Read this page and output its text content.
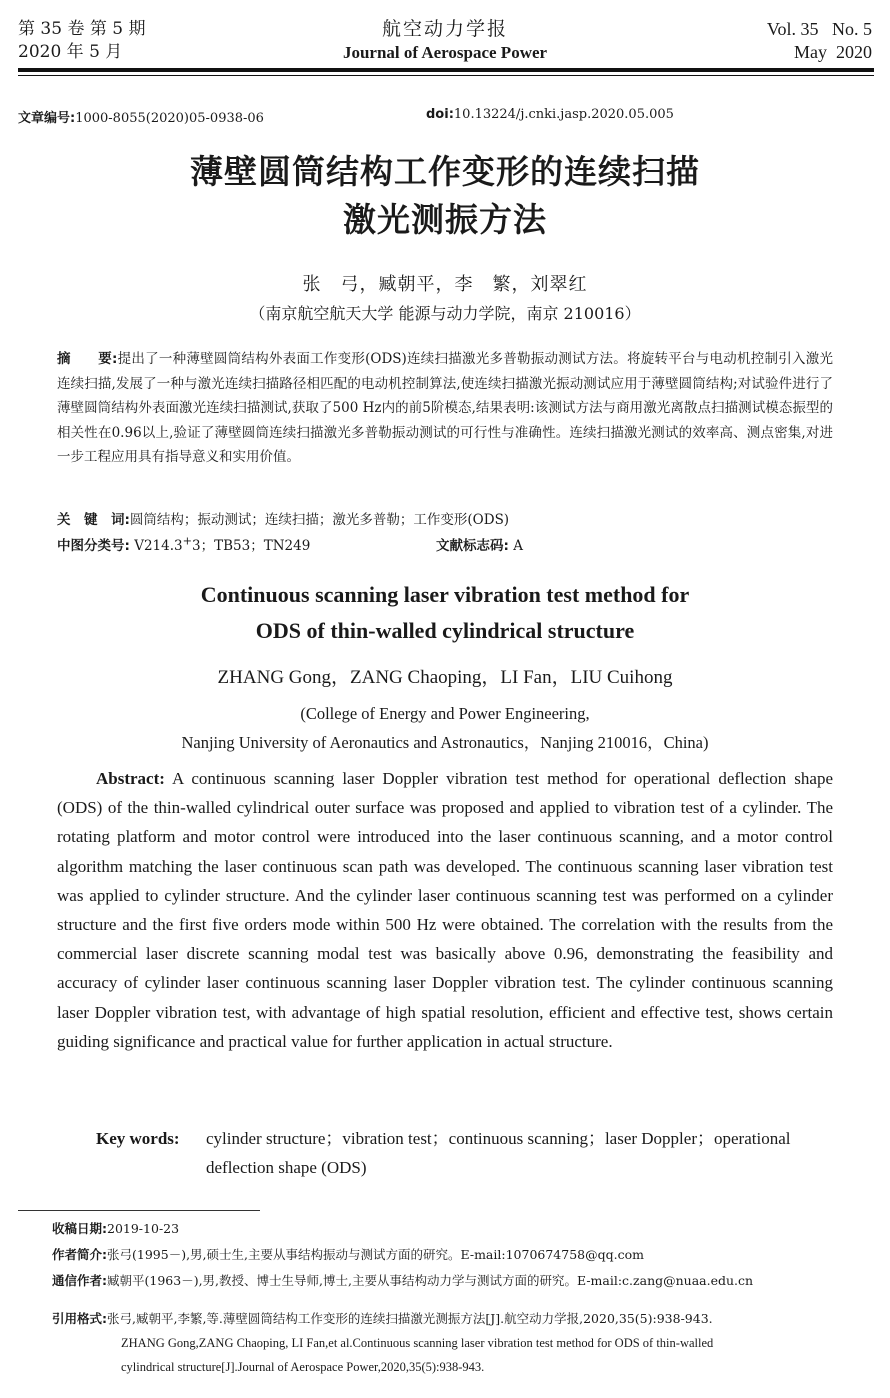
第 35 卷 第 5 期
2020 年 5 月
航空动力学报
Journal of Aerospace Power
Vol. 35   No. 5
May  2020
文章编号:1000-8055(2020)05-0938-06	doi:10.13224/j.cnki.jasp.2020.05.005
薄壁圆筒结构工作变形的连续扫描
激光测振方法
张　弓，臧朝平，李　繁，刘翠红
（南京航空航天大学 能源与动力学院，南京 210016）
摘　　要:提出了一种薄壁圆筒结构外表面工作变形(ODS)连续扫描激光多普勒振动测试方法。将旋转平台与电动机控制引入激光连续扫描,发展了一种与激光连续扫描路径相匹配的电动机控制算法,使连续扫描激光振动测试应用于薄壁圆筒结构;对试验件进行了薄壁圆筒结构外表面激光连续扫描测试,获取了500 Hz内的前5阶模态,结果表明:该测试方法与商用激光离散点扫描测试模态振型的相关性在0.96以上,验证了薄壁圆筒连续扫描激光多普勒振动测试的可行性与准确性。连续扫描激光测试的效率高、测点密集,对进一步工程应用具有指导意义和实用价值。
关　键　词:圆筒结构；振动测试；连续扫描；激光多普勒；工作变形(ODS)
中图分类号: V214.3+3；TB53；TN249	文献标志码: A
Continuous scanning laser vibration test method for
ODS of thin-walled cylindrical structure
ZHANG Gong，ZANG Chaoping，LI Fan，LIU Cuihong
(College of Energy and Power Engineering,
Nanjing University of Aeronautics and Astronautics，Nanjing 210016，China)
Abstract: A continuous scanning laser Doppler vibration test method for operational deflection shape (ODS) of the thin-walled cylindrical outer surface was proposed and applied to vibration test of a cylinder. The rotating platform and motor control were introduced into the laser continuous scanning, and a motor control algorithm matching the laser continuous scan path was developed. The continuous scanning laser vibration test was applied to cylinder structure. And the cylinder laser continuous scanning test was performed on a cylinder structure and the first five orders mode within 500 Hz were obtained. The correlation with the results from the commercial laser discrete scanning modal test was basically above 0.96, demonstrating the feasibility and accuracy of cylinder laser continuous scanning laser Doppler vibration test. The cylinder continuous scanning laser Doppler vibration test, with advantage of high spatial resolution, efficient and effective test, shows certain guiding significance and practical value for further application in actual structure.
Key words: cylinder structure；vibration test；continuous scanning；laser Doppler；operational deflection shape (ODS)
收稿日期:2019-10-23
作者简介:张弓(1995－),男,硕士生,主要从事结构振动与测试方面的研究。E-mail:1070674758@qq.com
通信作者:臧朝平(1963－),男,教授、博士生导师,博士,主要从事结构动力学与测试方面的研究。E-mail:c.zang@nuaa.edu.cn
引用格式:张弓,臧朝平,李繁,等.薄壁圆筒结构工作变形的连续扫描激光测振方法[J].航空动力学报,2020,35(5):938-943.
ZHANG Gong,ZANG Chaoping, LI Fan,et al.Continuous scanning laser vibration test method for ODS of thin-walled
cylindrical structure[J].Journal of Aerospace Power,2020,35(5):938-943.
